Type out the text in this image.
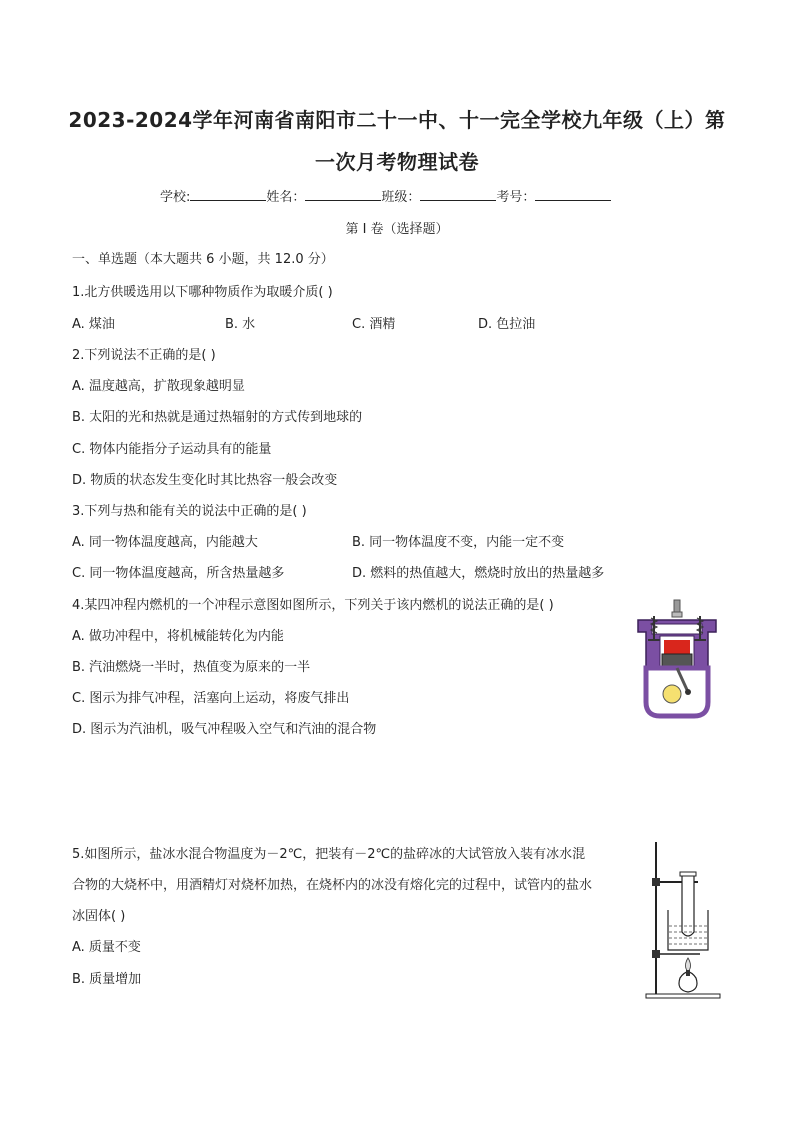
2023-2024学年河南省南阳市二十一中、十一完全学校九年级（上）第
一次月考物理试卷
学校:	姓名：	班级：	考号：
第 I 卷（选择题）
一、单选题（本大题共 6 小题，共 12.0 分）
1.北方供暖选用以下哪种物质作为取暖介质( )
A. 煤油	B. 水	C. 酒精	D. 色拉油
2.下列说法不正确的是( )
A. 温度越高，扩散现象越明显
B. 太阳的光和热就是通过热辐射的方式传到地球的
C. 物体内能指分子运动具有的能量
D. 物质的状态发生变化时其比热容一般会改变
3.下列与热和能有关的说法中正确的是( )
A. 同一物体温度越高，内能越大	B. 同一物体温度不变，内能一定不变
C. 同一物体温度越高，所含热量越多	D. 燃料的热值越大，燃烧时放出的热量越多
4.某四冲程内燃机的一个冲程示意图如图所示，下列关于该内燃机的说法正确的是( )
A. 做功冲程中，将机械能转化为内能
B. 汽油燃烧一半时，热值变为原来的一半
C. 图示为排气冲程，活塞向上运动，将废气排出
D. 图示为汽油机，吸气冲程吸入空气和汽油的混合物
5.如图所示，盐冰水混合物温度为－2℃，把装有－2℃的盐碎冰的大试管放入装有冰水混
合物的大烧杯中，用酒精灯对烧杯加热，在烧杯内的冰没有熔化完的过程中，试管内的盐水
冰固体( )
A. 质量不变
B. 质量增加
